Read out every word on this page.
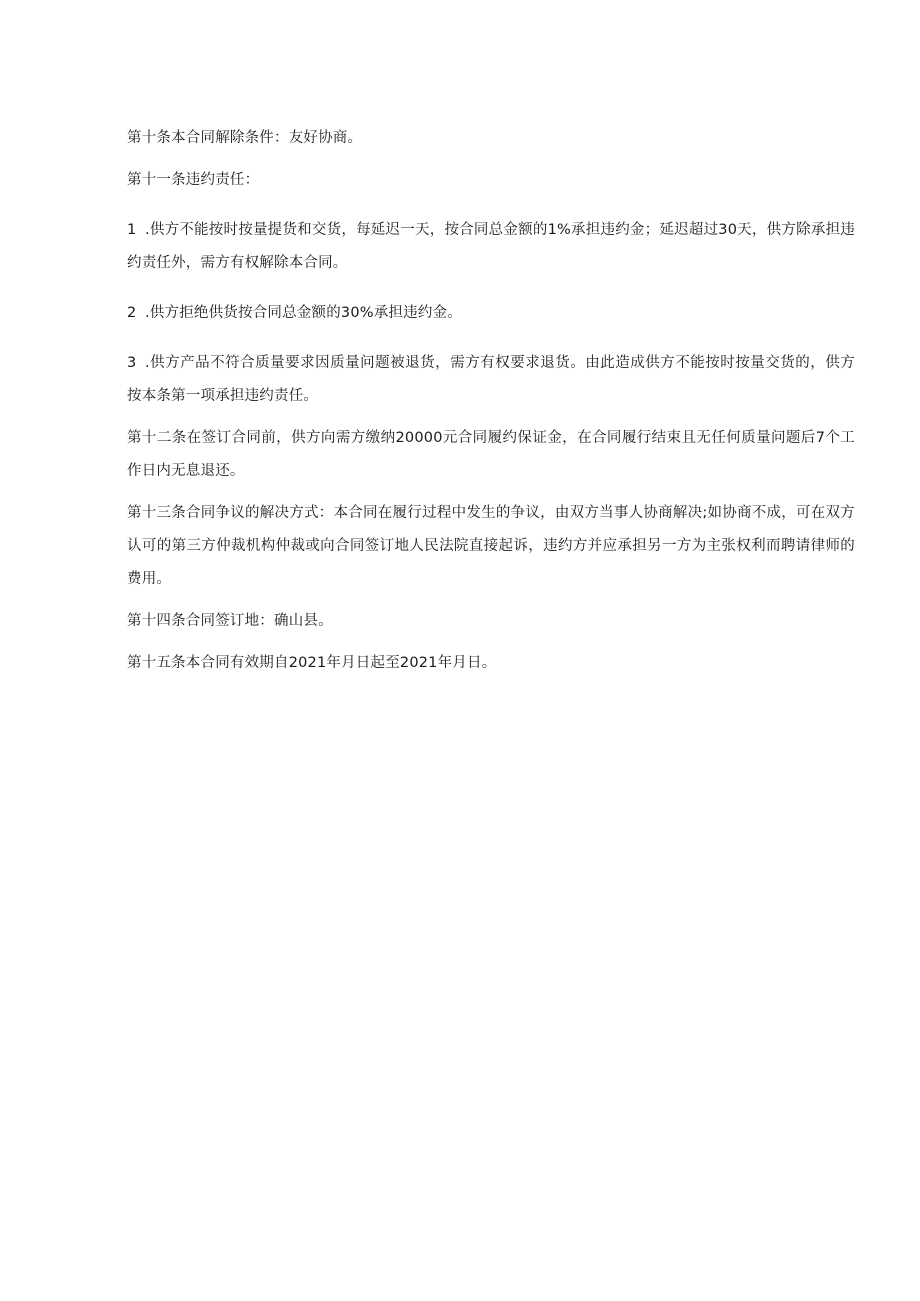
第十条本合同解除条件：友好协商。

第十一条违约责任：

1 .供方不能按时按量提货和交货，每延迟一天，按合同总金额的1%承担违约金；延迟超过30天，供方除承担违约责任外，需方有权解除本合同。

2 .供方拒绝供货按合同总金额的30%承担违约金。

3 .供方产品不符合质量要求因质量问题被退货，需方有权要求退货。由此造成供方不能按时按量交货的，供方按本条第一项承担违约责任。

第十二条在签订合同前，供方向需方缴纳20000元合同履约保证金，在合同履行结束且无任何质量问题后7个工作日内无息退还。

第十三条合同争议的解决方式：本合同在履行过程中发生的争议，由双方当事人协商解决;如协商不成，可在双方认可的第三方仲裁机构仲裁或向合同签订地人民法院直接起诉，违约方并应承担另一方为主张权利而聘请律师的费用。

第十四条合同签订地：确山县。

第十五条本合同有效期自2021年月日起至2021年月日。
